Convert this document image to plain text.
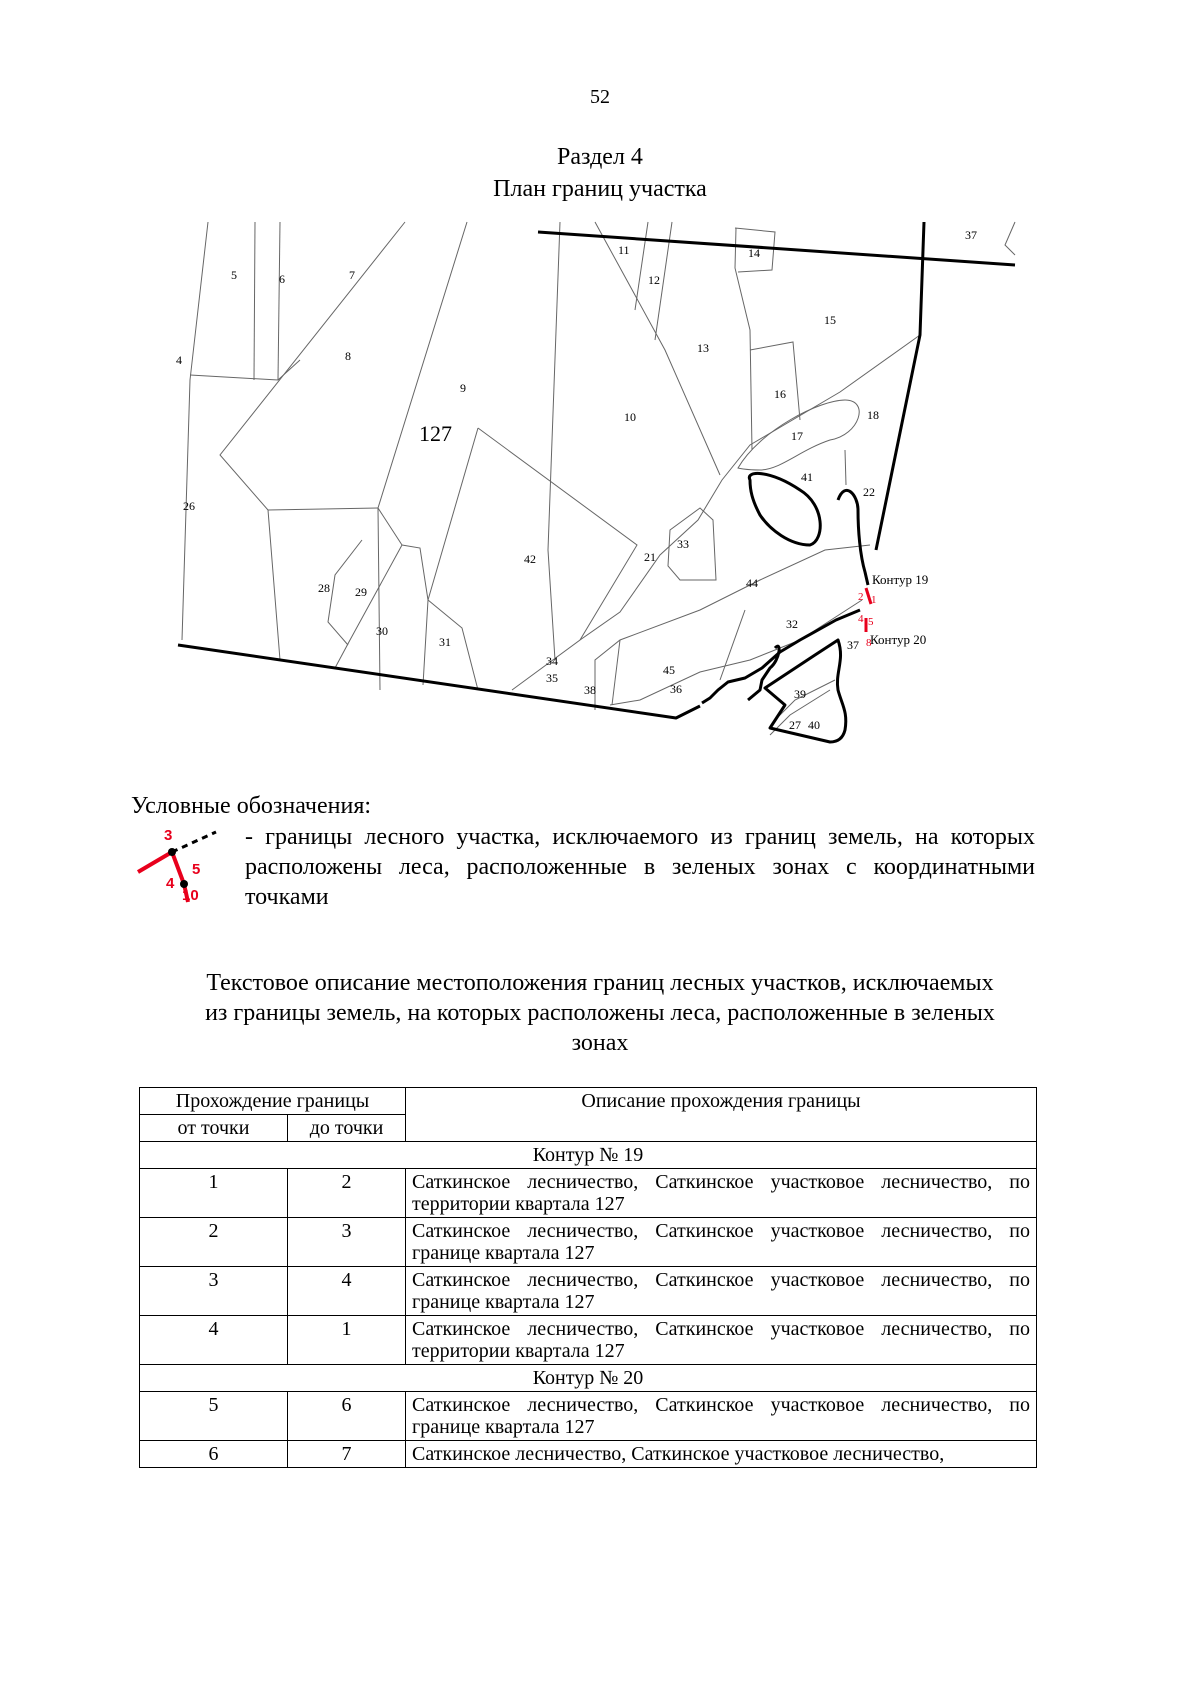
52
Раздел 4
План границ участка
127
4
5	6	7
8
9
10
11
12
13
14
15
16
17
18
22
26
28 29
30
31
42	21
33
41
44
32
37
37
34
35
38
45
36	39
27 40
Контур 19
Контур 20
2 1
4 5
8
Условные обозначения:
3
5
4
10
- границы лесного участка, исключаемого из границ земель, на которых расположены леса, расположенные в зеленых зонах с координатными точками
Текстовое описание местоположения границ лесных участков, исключаемых
из границы земель, на которых расположены леса, расположенные в зеленых
зонах
Прохождение границы		Описание прохождения границы
от точки	до точки	
Контур № 19		
1	2	Саткинское лесничество, Саткинское участковое лесничество, по территории квартала 127
2	3	Саткинское лесничество, Саткинское участковое лесничество, по границе квартала 127
3	4	Саткинское лесничество, Саткинское участковое лесничество, по границе квартала 127
4	1	Саткинское лесничество, Саткинское участковое лесничество, по территории квартала 127
Контур № 20		
5	6	Саткинское лесничество, Саткинское участковое лесничество, по границе квартала 127
6	7	Саткинское лесничество, Саткинское участковое лесничество,
